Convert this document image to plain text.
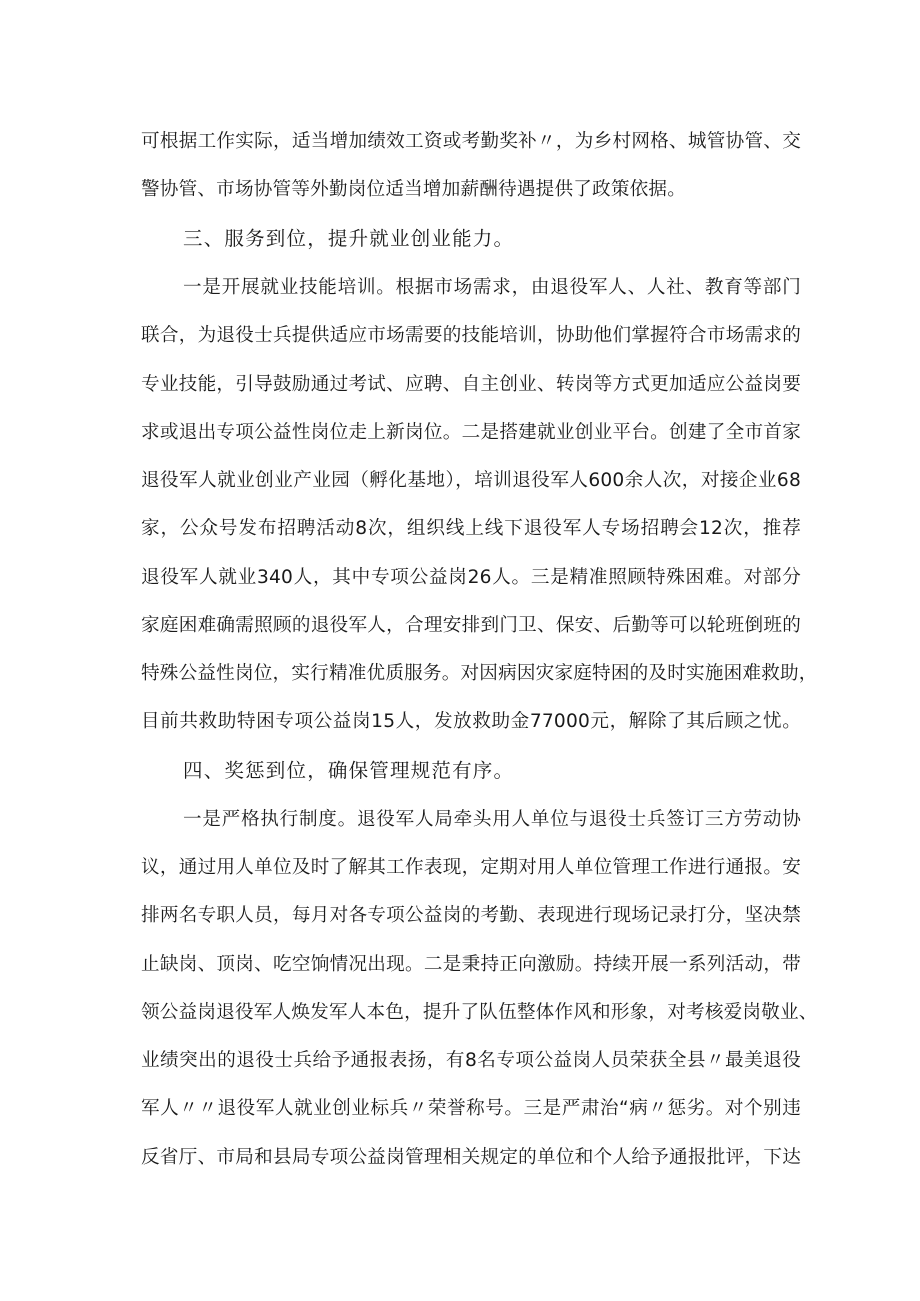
可根据工作实际，适当增加绩效工资或考勤奖补〃，为乡村网格、城管协管、交
警协管、市场协管等外勤岗位适当增加薪酬待遇提供了政策依据。
三、服务到位，提升就业创业能力。
一是开展就业技能培训。根据市场需求，由退役军人、人社、教育等部门
联合，为退役士兵提供适应市场需要的技能培训，协助他们掌握符合市场需求的
专业技能，引导鼓励通过考试、应聘、自主创业、转岗等方式更加适应公益岗要
求或退出专项公益性岗位走上新岗位。二是搭建就业创业平台。创建了全市首家
退役军人就业创业产业园（孵化基地），培训退役军人600余人次，对接企业68
家，公众号发布招聘活动8次，组织线上线下退役军人专场招聘会12次，推荐
退役军人就业340人，其中专项公益岗26人。三是精准照顾特殊困难。对部分
家庭困难确需照顾的退役军人，合理安排到门卫、保安、后勤等可以轮班倒班的
特殊公益性岗位，实行精准优质服务。对因病因灾家庭特困的及时实施困难救助，
目前共救助特困专项公益岗15人，发放救助金77000元，解除了其后顾之忧。
四、奖惩到位，确保管理规范有序。
一是严格执行制度。退役军人局牵头用人单位与退役士兵签订三方劳动协
议，通过用人单位及时了解其工作表现，定期对用人单位管理工作进行通报。安
排两名专职人员，每月对各专项公益岗的考勤、表现进行现场记录打分，坚决禁
止缺岗、顶岗、吃空饷情况出现。二是秉持正向激励。持续开展一系列活动，带
领公益岗退役军人焕发军人本色，提升了队伍整体作风和形象，对考核爱岗敬业、
业绩突出的退役士兵给予通报表扬，有8名专项公益岗人员荣获全县〃最美退役
军人〃〃退役军人就业创业标兵〃荣誉称号。三是严肃治“病〃惩劣。对个别违
反省厅、市局和县局专项公益岗管理相关规定的单位和个人给予通报批评，下达
